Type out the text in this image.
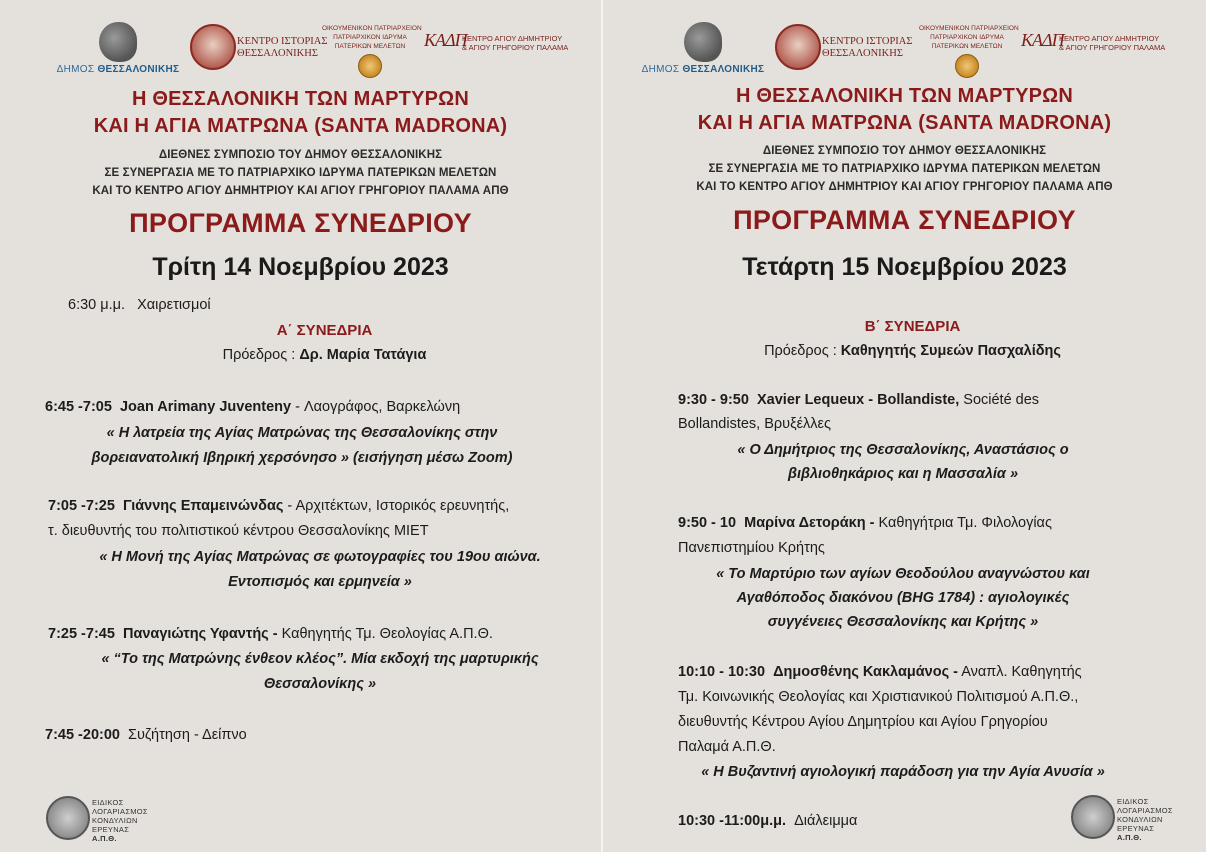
ΔΗΜΟΣ ΘΕΣΣΑΛΟΝΙΚΗΣ
ΚΕΝΤΡΟ ΙΣΤΟΡΙΑΣ
ΘΕΣΣΑΛΟΝΙΚΗΣ
ΟΙΚΟΥΜΕΝΙΚΟΝ ΠΑΤΡΙΑΡΧΕΙΟΝ
ΠΑΤΡΙΑΡΧΙΚΟΝ ΙΔΡΥΜΑ
ΠΑΤΕΡΙΚΩΝ ΜΕΛΕΤΩΝ	ΚΑΔΠ
ΚΕΝΤΡΟ ΑΓΙΟΥ ΔΗΜΗΤΡΙΟΥ
& ΑΓΙΟΥ ΓΡΗΓΟΡΙΟΥ ΠΑΛΑΜΑ
Η ΘΕΣΣΑΛΟΝΙΚΗ ΤΩΝ ΜΑΡΤΥΡΩΝ
ΚΑΙ Η ΑΓΙΑ ΜΑΤΡΩΝΑ (SANTA MADRONA)
ΔΙΕΘΝΕΣ ΣΥΜΠΟΣΙΟ ΤΟΥ ΔΗΜΟΥ ΘΕΣΣΑΛΟΝΙΚΗΣ
ΣΕ ΣΥΝΕΡΓΑΣΙΑ ΜΕ ΤΟ ΠΑΤΡΙΑΡΧΙΚΟ ΙΔΡΥΜΑ ΠΑΤΕΡΙΚΩΝ ΜΕΛΕΤΩΝ
ΚΑΙ ΤΟ ΚΕΝΤΡΟ ΑΓΙΟΥ ΔΗΜΗΤΡΙΟΥ ΚΑΙ ΑΓΙΟΥ ΓΡΗΓΟΡΙΟΥ ΠΑΛΑΜΑ ΑΠΘ
ΠΡΟΓΡΑΜΜΑ ΣΥΝΕΔΡΙΟΥ
Τρίτη 14 Νοεμβρίου 2023
6:30 μ.μ. Χαιρετισμοί
Α΄ ΣΥΝΕΔΡΙΑ
Πρόεδρος : Δρ. Μαρία Τατάγια
6:45 -7:05 Joan Arimany Juventeny - Λαογράφος, Βαρκελώνη
« Η λατρεία της Αγίας Ματρώνας της Θεσσαλονίκης στην
βορειανατολική Ιβηρική χερσόνησο » (εισήγηση μέσω Zoom)
7:05 -7:25 Γιάννης Επαμεινώνδας - Αρχιτέκτων, Ιστορικός ερευνητής,
τ. διευθυντής του πολιτιστικού κέντρου Θεσσαλονίκης ΜΙΕΤ
« Η Μονή της Αγίας Ματρώνας σε φωτογραφίες του 19ου αιώνα.
Εντοπισμός και ερμηνεία »
7:25 -7:45 Παναγιώτης Υφαντής - Καθηγητής Τμ. Θεολογίας Α.Π.Θ.
« “Το της Ματρώνης ένθεον κλέος”. Μία εκδοχή της μαρτυρικής
Θεσσαλονίκης »
7:45 -20:00 Συζήτηση - Δείπνο
ΕΙΔΙΚΟΣ
ΛΟΓΑΡΙΑΣΜΟΣ
ΚΟΝΔΥΛΙΩΝ
ΕΡΕΥΝΑΣ
Α.Π.Θ.
ΔΗΜΟΣ ΘΕΣΣΑΛΟΝΙΚΗΣ
ΚΕΝΤΡΟ ΙΣΤΟΡΙΑΣ
ΘΕΣΣΑΛΟΝΙΚΗΣ
ΟΙΚΟΥΜΕΝΙΚΟΝ ΠΑΤΡΙΑΡΧΕΙΟΝ
ΠΑΤΡΙΑΡΧΙΚΟΝ ΙΔΡΥΜΑ
ΠΑΤΕΡΙΚΩΝ ΜΕΛΕΤΩΝ	ΚΑΔΠ
ΚΕΝΤΡΟ ΑΓΙΟΥ ΔΗΜΗΤΡΙΟΥ
& ΑΓΙΟΥ ΓΡΗΓΟΡΙΟΥ ΠΑΛΑΜΑ
Η ΘΕΣΣΑΛΟΝΙΚΗ ΤΩΝ ΜΑΡΤΥΡΩΝ
ΚΑΙ Η ΑΓΙΑ ΜΑΤΡΩΝΑ (SANTA MADRONA)
ΔΙΕΘΝΕΣ ΣΥΜΠΟΣΙΟ ΤΟΥ ΔΗΜΟΥ ΘΕΣΣΑΛΟΝΙΚΗΣ
ΣΕ ΣΥΝΕΡΓΑΣΙΑ ΜΕ ΤΟ ΠΑΤΡΙΑΡΧΙΚΟ ΙΔΡΥΜΑ ΠΑΤΕΡΙΚΩΝ ΜΕΛΕΤΩΝ
ΚΑΙ ΤΟ ΚΕΝΤΡΟ ΑΓΙΟΥ ΔΗΜΗΤΡΙΟΥ ΚΑΙ ΑΓΙΟΥ ΓΡΗΓΟΡΙΟΥ ΠΑΛΑΜΑ ΑΠΘ
ΠΡΟΓΡΑΜΜΑ ΣΥΝΕΔΡΙΟΥ
Τετάρτη 15 Νοεμβρίου 2023
Β΄ ΣΥΝΕΔΡΙΑ
Πρόεδρος : Καθηγητής Συμεών Πασχαλίδης
9:30 - 9:50 Xavier Lequeux - Bollandiste, Société des
Bollandistes, Βρυξέλλες
« Ο Δημήτριος της Θεσσαλονίκης, Αναστάσιος ο
βιβλιοθηκάριος και η Μασσαλία »
9:50 - 10 Μαρίνα Δετοράκη - Καθηγήτρια Τμ. Φιλολογίας
Πανεπιστημίου Κρήτης
« Το Μαρτύριο των αγίων Θεοδούλου αναγνώστου και
Αγαθόποδος διακόνου (BHG 1784) : αγιολογικές
συγγένειες Θεσσαλονίκης και Κρήτης »
10:10 - 10:30 Δημοσθένης Κακλαμάνος - Αναπλ. Καθηγητής
Τμ. Κοινωνικής Θεολογίας και Χριστιανικού Πολιτισμού Α.Π.Θ.,
διευθυντής Κέντρου Αγίου Δημητρίου και Αγίου Γρηγορίου
Παλαμά Α.Π.Θ.
« Η Βυζαντινή αγιολογική παράδοση για την Αγία Ανυσία »
10:30 -11:00μ.μ. Διάλειμμα
ΕΙΔΙΚΟΣ
ΛΟΓΑΡΙΑΣΜΟΣ
ΚΟΝΔΥΛΙΩΝ
ΕΡΕΥΝΑΣ
Α.Π.Θ.
